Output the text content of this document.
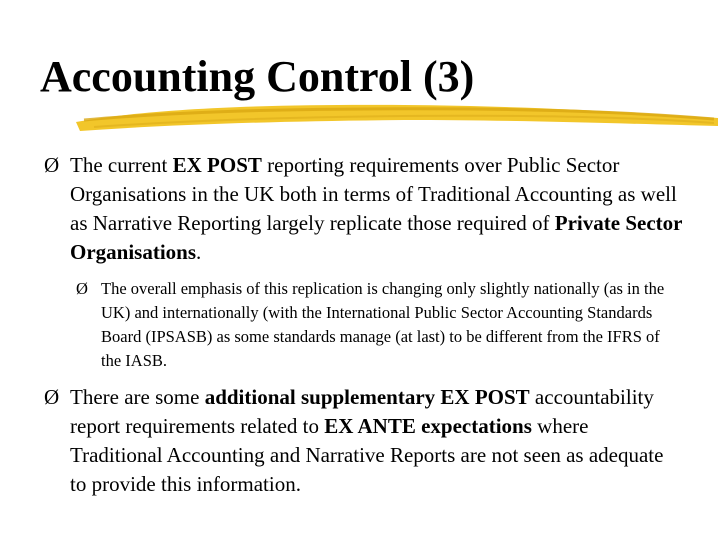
Accounting Control (3)

Ø The current EX POST reporting requirements over Public Sector Organisations in the UK both in terms of Traditional Accounting as well as Narrative Reporting largely replicate those required of Private Sector Organisations.

Ø The overall emphasis of this replication is changing only slightly nationally (as in the UK) and internationally (with the International Public Sector Accounting Standards Board (IPSASB) as some standards manage (at last) to be different from the IFRS of the IASB.

Ø There are some additional supplementary EX POST accountability report requirements related to EX ANTE expectations where Traditional Accounting and Narrative Reports are not seen as adequate to provide this information.
